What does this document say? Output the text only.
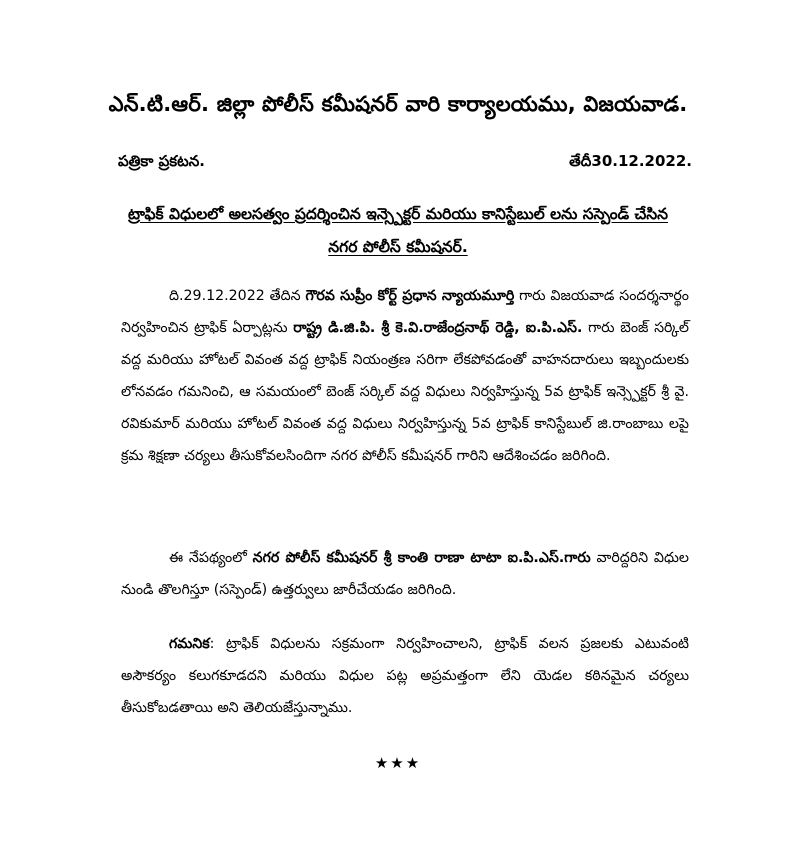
ఎన్.టి.ఆర్. జిల్లా పోలీస్ కమీషనర్ వారి కార్యాలయము, విజయవాడ.
పత్రికా ప్రకటన.	తేదీ30.12.2022.
ట్రాఫిక్ విధులలో అలసత్వం ప్రదర్శించిన ఇన్స్పెక్టర్ మరియు కానిస్టేబుల్ లను సస్పెండ్ చేసిన
నగర పోలీస్ కమీషనర్.
ది.29.12.2022 తేదిన గౌరవ సుప్రీం కోర్ట్ ప్రధాన న్యాయమూర్తి గారు విజయవాడ సందర్శనార్థం నిర్వహించిన ట్రాఫిక్ ఏర్పాట్లను రాష్ట్ర డి.జి.పి. శ్రీ కె.వి.రాజేంద్రనాథ్ రెడ్డి, ఐ.పి.ఎస్. గారు బెంజ్ సర్కిల్ వద్ద మరియు హోటల్ వివంత వద్ద ట్రాఫిక్ నియంత్రణ సరిగా లేకపోవడంతో వాహనదారులు ఇబ్బందులకు లోనవడం గమనించి, ఆ సమయంలో బెంజ్ సర్కిల్ వద్ద విధులు నిర్వహిస్తున్న 5వ ట్రాఫిక్ ఇన్స్పెక్టర్ శ్రీ వై. రవికుమార్ మరియు హోటల్ వివంత వద్ద విధులు నిర్వహిస్తున్న 5వ ట్రాఫిక్ కానిస్టేబుల్ జి.రాంబాబు లపై క్రమ శిక్షణా చర్యలు తీసుకోవలసిందిగా నగర పోలీస్ కమీషనర్ గారిని ఆదేశించడం జరిగింది.
ఈ నేపథ్యంలో నగర పోలీస్ కమీషనర్ శ్రీ కాంతి రాణా టాటా ఐ.పి.ఎస్.గారు వారిద్దరిని విధుల నుండి తొలగిస్తూ (సస్పెండ్) ఉత్తర్వులు జారీచేయడం జరిగింది.
గమనిక: ట్రాఫిక్ విధులను సక్రమంగా నిర్వహించాలని, ట్రాఫిక్ వలన ప్రజలకు ఎటువంటి అసౌకర్యం కలుగకూడదని మరియు విధుల పట్ల అప్రమత్తంగా లేని యెడల కఠినమైన చర్యలు తీసుకోబడతాయి అని తెలియజేస్తున్నాము.
★★★
